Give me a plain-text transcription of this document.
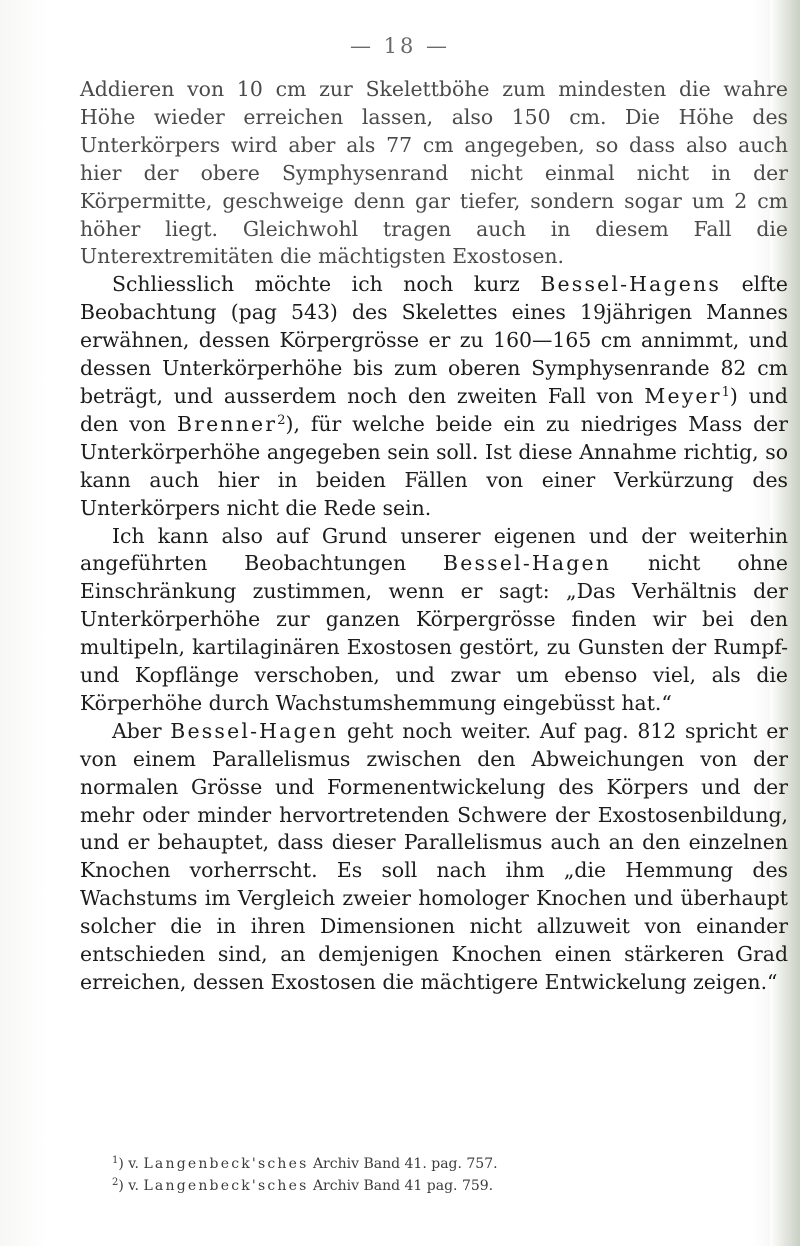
— 18 —

Addieren von 10 cm zur Skelettböhe zum mindesten die wahre Höhe wieder erreichen lassen, also 150 cm. Die Höhe des Unterkörpers wird aber als 77 cm angegeben, so dass also auch hier der obere Symphysenrand nicht einmal nicht in der Körpermitte, geschweige denn gar tiefer, sondern sogar um 2 cm höher liegt. Gleichwohl tragen auch in diesem Fall die Unterextremitäten die mächtigsten Exostosen.

Schliesslich möchte ich noch kurz Bessel-Hagens elfte Beobachtung (pag 543) des Skelettes eines 19jährigen Mannes erwähnen, dessen Körpergrösse er zu 160—165 cm annimmt, und dessen Unterkörperhöhe bis zum oberen Symphysenrande 82 cm beträgt, und ausserdem noch den zweiten Fall von Meyer$^1$) und den von Brenner$^2$), für welche beide ein zu niedriges Mass der Unterkörperhöhe angegeben sein soll. Ist diese Annahme richtig, so kann auch hier in beiden Fällen von einer Verkürzung des Unterkörpers nicht die Rede sein.

Ich kann also auf Grund unserer eigenen und der weiterhin angeführten Beobachtungen Bessel-Hagen nicht ohne Einschränkung zustimmen, wenn er sagt: „Das Verhältnis der Unterkörperhöhe zur ganzen Körpergrösse finden wir bei den multipeln, kartilaginären Exostosen gestört, zu Gunsten der Rumpf- und Kopflänge verschoben, und zwar um ebenso viel, als die Körperhöhe durch Wachstumshemmung eingebüsst hat.“

Aber Bessel-Hagen geht noch weiter. Auf pag. 812 spricht er von einem Parallelismus zwischen den Abweichungen von der normalen Grösse und Formenentwickelung des Körpers und der mehr oder minder hervortretenden Schwere der Exostosenbildung, und er behauptet, dass dieser Parallelismus auch an den einzelnen Knochen vorherrscht. Es soll nach ihm „die Hemmung des Wachstums im Vergleich zweier homologer Knochen und überhaupt solcher die in ihren Dimensionen nicht allzuweit von einander entschieden sind, an demjenigen Knochen einen stärkeren Grad erreichen, dessen Exostosen die mächtigere Entwickelung zeigen.“

$^1$) v. Langenbeck'sches Archiv Band 41. pag. 757.
$^2$) v. Langenbeck'sches Archiv Band 41 pag. 759.
